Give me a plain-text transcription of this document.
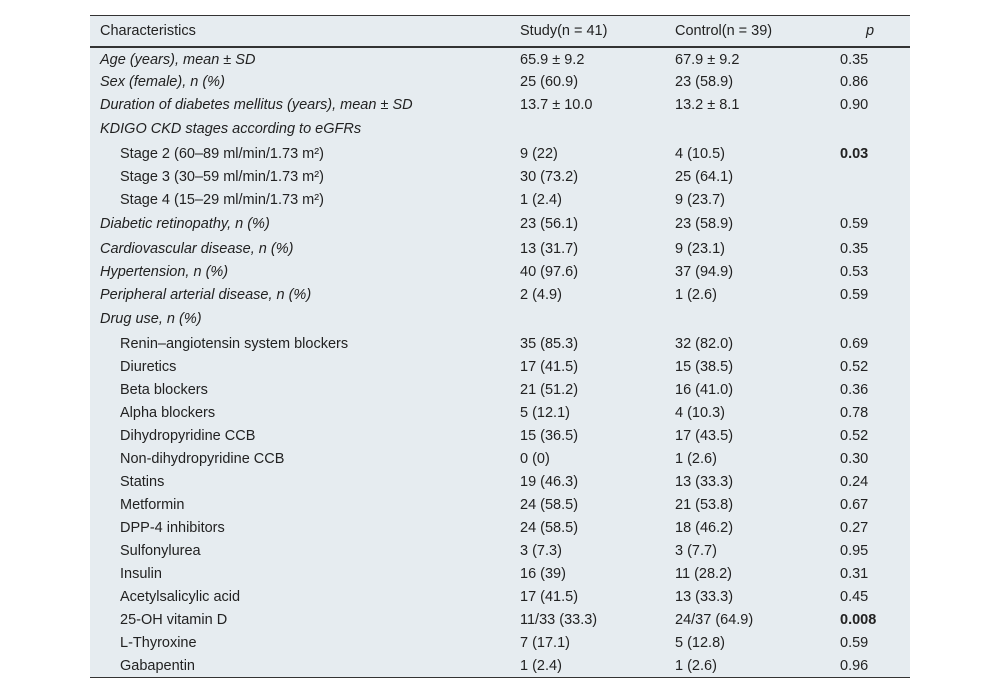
Characteristics	Study(n = 41)	Control(n = 39)	p
Age (years), mean ± SD	65.9 ± 9.2	67.9 ± 9.2	0.35
Sex (female), n (%)	25 (60.9)	23 (58.9)	0.86
Duration of diabetes mellitus (years), mean ± SD	13.7 ± 10.0	13.2 ± 8.1	0.90
KDIGO CKD stages according to eGFRs			
Stage 2 (60–89 ml/min/1.73 m²)	9 (22)	4 (10.5)	0.03
Stage 3 (30–59 ml/min/1.73 m²)	30 (73.2)	25 (64.1)	
Stage 4 (15–29 ml/min/1.73 m²)	1 (2.4)	9 (23.7)	
Diabetic retinopathy, n (%)	23 (56.1)	23 (58.9)	0.59
Cardiovascular disease, n (%)	13 (31.7)	9 (23.1)	0.35
Hypertension, n (%)	40 (97.6)	37 (94.9)	0.53
Peripheral arterial disease, n (%)	2 (4.9)	1 (2.6)	0.59
Drug use, n (%)			
Renin–angiotensin system blockers	35 (85.3)	32 (82.0)	0.69
Diuretics	17 (41.5)	15 (38.5)	0.52
Beta blockers	21 (51.2)	16 (41.0)	0.36
Alpha blockers	5 (12.1)	4 (10.3)	0.78
Dihydropyridine CCB	15 (36.5)	17 (43.5)	0.52
Non-dihydropyridine CCB	0 (0)	1 (2.6)	0.30
Statins	19 (46.3)	13 (33.3)	0.24
Metformin	24 (58.5)	21 (53.8)	0.67
DPP-4 inhibitors	24 (58.5)	18 (46.2)	0.27
Sulfonylurea	3 (7.3)	3 (7.7)	0.95
Insulin	16 (39)	11 (28.2)	0.31
Acetylsalicylic acid	17 (41.5)	13 (33.3)	0.45
25-OH vitamin D	11/33 (33.3)	24/37 (64.9)	0.008
L-Thyroxine	7 (17.1)	5 (12.8)	0.59
Gabapentin	1 (2.4)	1 (2.6)	0.96
